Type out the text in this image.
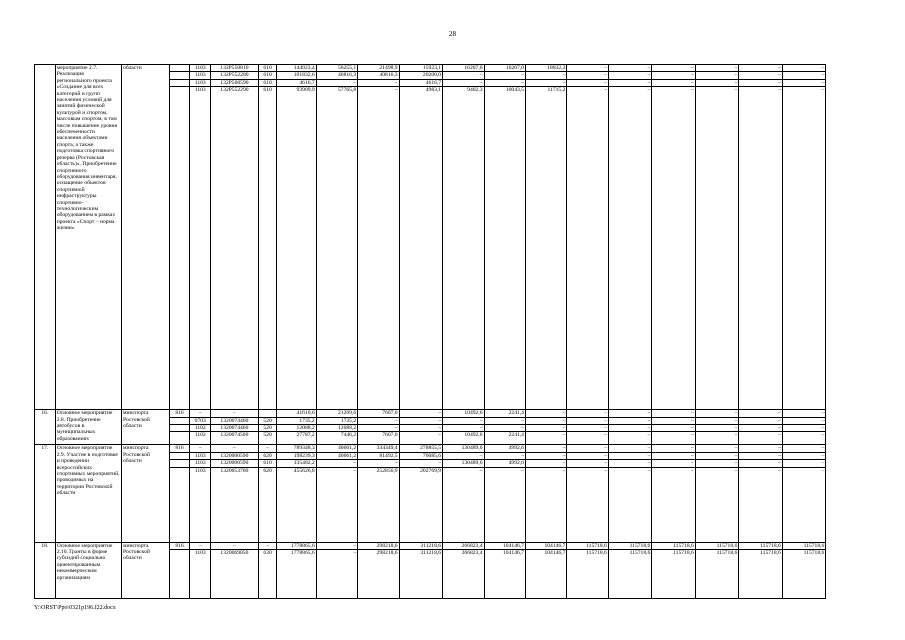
28
	мероприятие 2.7. Реализация регионального проекта «Создание для всех категорий и групп населения условий для занятий физической культурой и спортом, массовым спортом, в том числе повышение уровня обеспеченности населения объектами спорта, а также подготовка спортивного резерва (Ростовская область)». Приобретение спортивного оборудования инвентаря, оснащение объектов спортивной инфраструктуры спортивно-технологическим оборудованием в рамках проекта «Спорт – норма жизни»	области		1103	132P550810	610	144923,4	56255,1	21498,9	15923,1	16207,0	16207,0	18832,3	–	–	–	–	–	–
				1103	132P552280	610	101832,6	40816,3	40816,3	20200,0	–	–	–	–	–	–	–	–	–
				1103	132P500590	610	4616,7	–	–	4616,7	–	–	–	–	–	–	–	–	–
				1103	132P552290	610	93909,9	57765,8	–	4983,1	9402,3	10043,5	11715,2	–	–	–	–	–	–
16.	Основное мероприятие 2.8. Приобретение автобусов в муниципальных образованиях	минспорта Ростовской области	816	–	–		41610,6	21269,6	7607,0	–	10492,6	2241,4	–	–	–	–	–	–	–
				0703	1320074460	520	1735,2	1735,2	–	–	–	–	–	–	–	–	–	–	–
				1102	1320074460	520	12088,2	12088,2	–	–	–	–	–	–	–	–	–	–	–
				1102	1320074500	520	27787,2	7446,2	7607,0	–	10492,6	2241,4	–	–	–	–	–	–	–
17.	Основное мероприятие 2.9. Участие в подготовке и проведении всероссийских спортивных мероприятий, проводимых на территории Ростовской области	минспорта Ростовской области	816	–	–	–	789348,3	40661,2	334349,4	278855,5	130489,6	4992,6	–	–	–	–	–	–	–
				1103	1320000590	620	198239,3	40661,2	81492,5	76085,6	–	–	–	–	–	–	–	–	–
				1103	1320000590	610	135482,2	–	–	–	130489,6	4992,6	–	–	–	–	–	–	–
				1103	1320053700	620	455626,8	–	252856,9	202769,9	–	–	–	–	–	–	–	–	–
18.	Основное мероприятие 2.10. Гранты в форме субсидий социально ориентированным некоммерческим организациям	минспорта Ростовской области	816	–	–	–	1778865,6	–	298218,6	311218,6	266823,4	104146,7	104146,7	115718,6	115718,6	115718,6	115718,6	115718,6	115718,6
				1103	1320069050	630	1778865,6	–	298218,6	311218,6	266823,4	104146,7	104146,7	115718,6	115718,6	115718,6	115718,6	115718,6	115718,6
Y:\ORST\Ppo\0321p196.f22.docx
